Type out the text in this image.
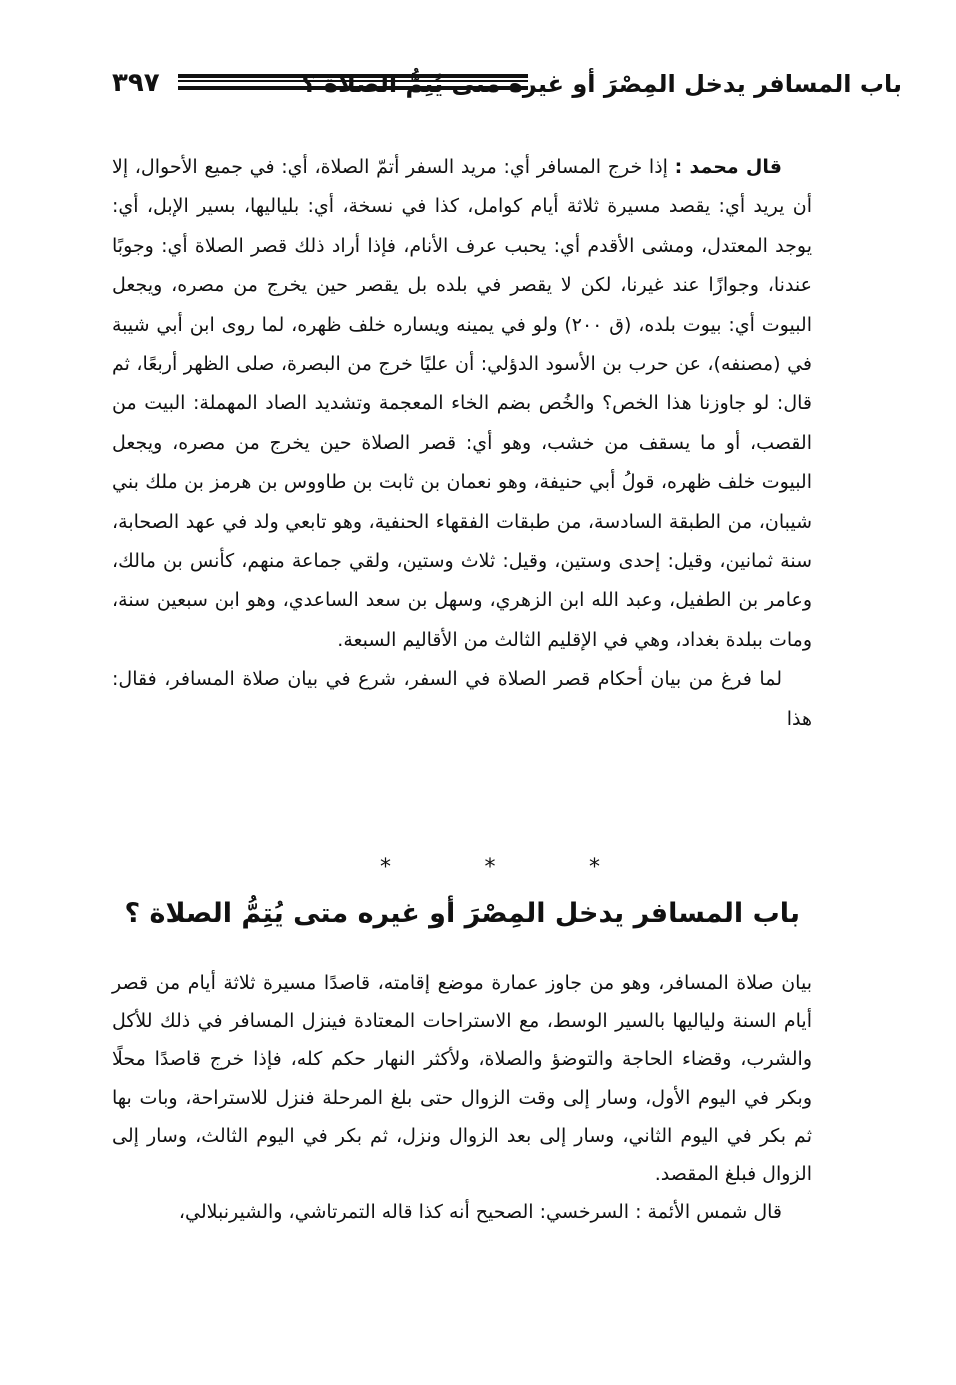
باب المسافر يدخل المِصْرَ أو غيره متى يُتِمُّ الصلاة ؟
٣٩٧

قال محمد : إذا خرج المسافر أي: مريد السفر أتمّ الصلاة، أي: في جميع الأحوال، إلا أن يريد أي: يقصد مسيرة ثلاثة أيام كوامل، كذا في نسخة، أي: بلياليها، بسير الإبل، أي: يوجد المعتدل، ومشى الأقدم أي: يحبب عرف الأنام، فإذا أراد ذلك قصر الصلاة أي: وجوبًا عندنا، وجوازًا عند غيرنا، لكن لا يقصر في بلده بل يقصر حين يخرج من مصره، ويجعل البيوت أي: بيوت بلده، (ق ٢٠٠) ولو في يمينه ويساره خلف ظهره، لما روى ابن أبي شيبة في (مصنفه)، عن حرب بن الأسود الدؤلي: أن عليًا خرج من البصرة، صلى الظهر أربعًا، ثم قال: لو جاوزنا هذا الخص؟ والخُص بضم الخاء المعجمة وتشديد الصاد المهملة: البيت من القصب، أو ما يسقف من خشب، وهو أي: قصر الصلاة حين يخرج من مصره، ويجعل البيوت خلف ظهره، قولُ أبي حنيفة، وهو نعمان بن ثابت بن طاووس بن هرمز بن ملك بني شيبان، من الطبقة السادسة، من طبقات الفقهاء الحنفية، وهو تابعي ولد في عهد الصحابة، سنة ثمانين، وقيل: إحدى وستين، وقيل: ثلاث وستين، ولقي جماعة منهم، كأنس بن مالك، وعامر بن الطفيل، وعبد الله ابن الزهري، وسهل بن سعد الساعدي، وهو ابن سبعين سنة، ومات ببلدة بغداد، وهي في الإقليم الثالث من الأقاليم السبعة.

لما فرغ من بيان أحكام قصر الصلاة في السفر، شرع في بيان صلاة المسافر، فقال: هذا

*	*	*
باب المسافر يدخل المِصْرَ أو غيره متى يُتِمُّ الصلاة ؟

بيان صلاة المسافر، وهو من جاوز عمارة موضع إقامته، قاصدًا مسيرة ثلاثة أيام من قصر أيام السنة ولياليها بالسير الوسط، مع الاستراحات المعتادة فينزل المسافر في ذلك للأكل والشرب، وقضاء الحاجة والتوضؤ والصلاة، ولأكثر النهار حكم كله، فإذا خرج قاصدًا محلًا وبكر في اليوم الأول، وسار إلى وقت الزوال حتى بلغ المرحلة فنزل للاستراحة، وبات بها ثم بكر في اليوم الثاني، وسار إلى بعد الزوال ونزل، ثم بكر في اليوم الثالث، وسار إلى الزوال فبلغ المقصد.

قال شمس الأئمة : السرخسي: الصحيح أنه كذا قاله التمرتاشي، والشيرنبلالي،
